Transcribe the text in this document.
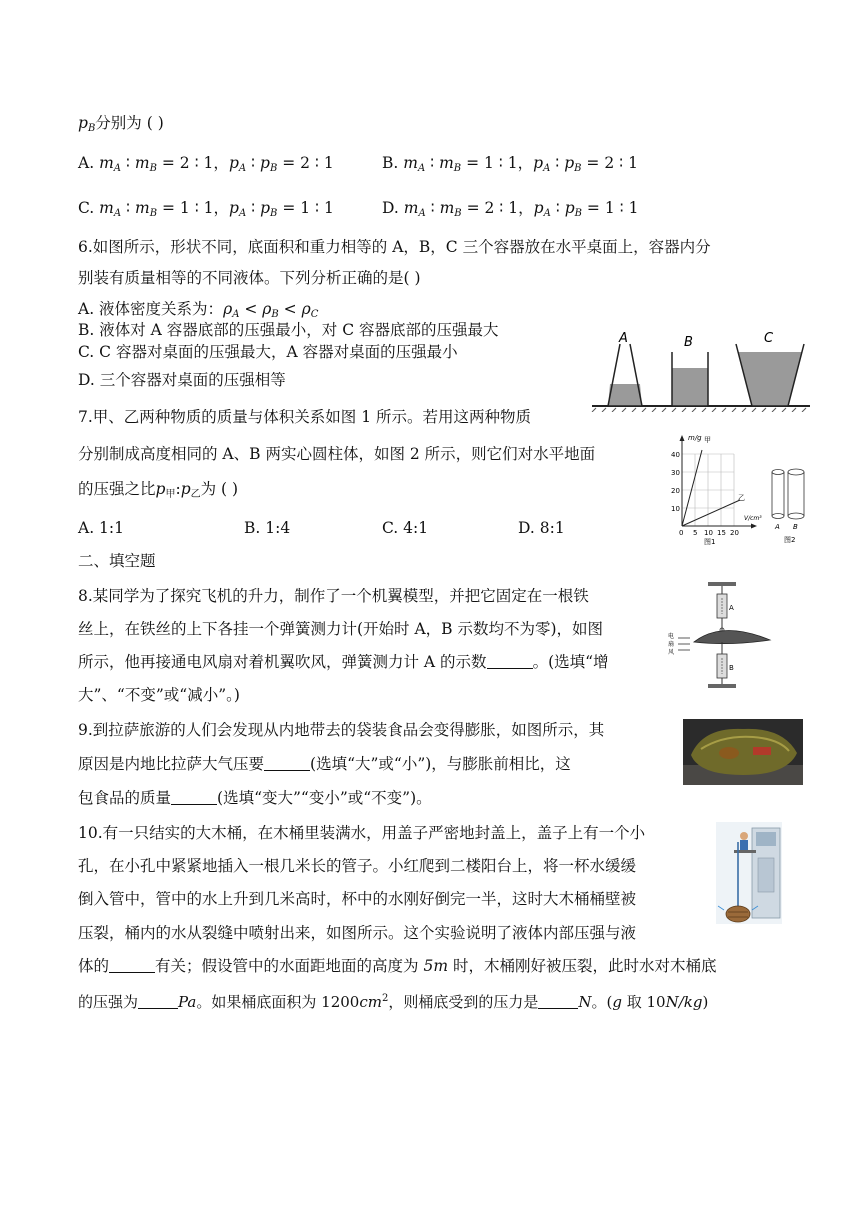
$p_B$分别为 ( )
A. $m_A$ ∶ $m_B = 2$ ∶ 1，$p_A$ ∶ $p_B = 2$ ∶ 1	B. $m_A$ ∶ $m_B = 1$ ∶ 1，$p_A$ ∶ $p_B = 2$ ∶ 1
C. $m_A$ ∶ $m_B = 1$ ∶ 1，$p_A$ ∶ $p_B = 1$ ∶ 1	D. $m_A$ ∶ $m_B = 2$ ∶ 1，$p_A$ ∶ $p_B = 1$ ∶ 1
6.如图所示，形状不同，底面积和重力相等的 A，B，C 三个容器放在水平桌面上，容器内分
别装有质量相等的不同液体。下列分析正确的是( )
A. 液体密度关系为：$\rho_A < \rho_B < \rho_C$
B. 液体对 A 容器底部的压强最小，对 C 容器底部的压强最大
C. C 容器对桌面的压强最大，A 容器对桌面的压强最小
D. 三个容器对桌面的压强相等
A	B	C
7.甲、乙两种物质的质量与体积关系如图 1 所示。若用这两种物质
分别制成高度相同的 A、B 两实心圆柱体，如图 2 所示，则它们对水平地面
的压强之比$p_甲:p_乙$为 ( )
A. 1:1	B. 1:4	C. 4:1	D. 8:1
m/g 甲
乙
V/cm³
40
30
20
10
0 5 10 15 20
图1
A B
图2
二、填空题
8.某同学为了探究飞机的升力，制作了一个机翼模型，并把它固定在一根铁
丝上，在铁丝的上下各挂一个弹簧测力计(开始时 A，B 示数均不为零)，如图
所示，他再接通电风扇对着机翼吹风，弹簧测力计 A 的示数	。(选填“增
大”、“不变”或“减小”。)
A
B
电
扇
风
9.到拉萨旅游的人们会发现从内地带去的袋装食品会变得膨胀，如图所示，其
原因是内地比拉萨大气压要	(选填“大”或“小”)，与膨胀前相比，这
包食品的质量	(选填“变大”“变小”或“不变”)。
10.有一只结实的大木桶，在木桶里装满水，用盖子严密地封盖上，盖子上有一个小
孔，在小孔中紧紧地插入一根几米长的管子。小红爬到二楼阳台上，将一杯水缓缓
倒入管中，管中的水上升到几米高时，杯中的水刚好倒完一半，这时大木桶桶壁被
压裂，桶内的水从裂缝中喷射出来，如图所示。这个实验说明了液体内部压强与液
体的	有关；假设管中的水面距地面的高度为 5m 时，木桶刚好被压裂，此时水对木桶底
的压强为	Pa。如果桶底面积为 $1200cm^2$，则桶底受到的压力是	N。(g 取 10N/kg)
